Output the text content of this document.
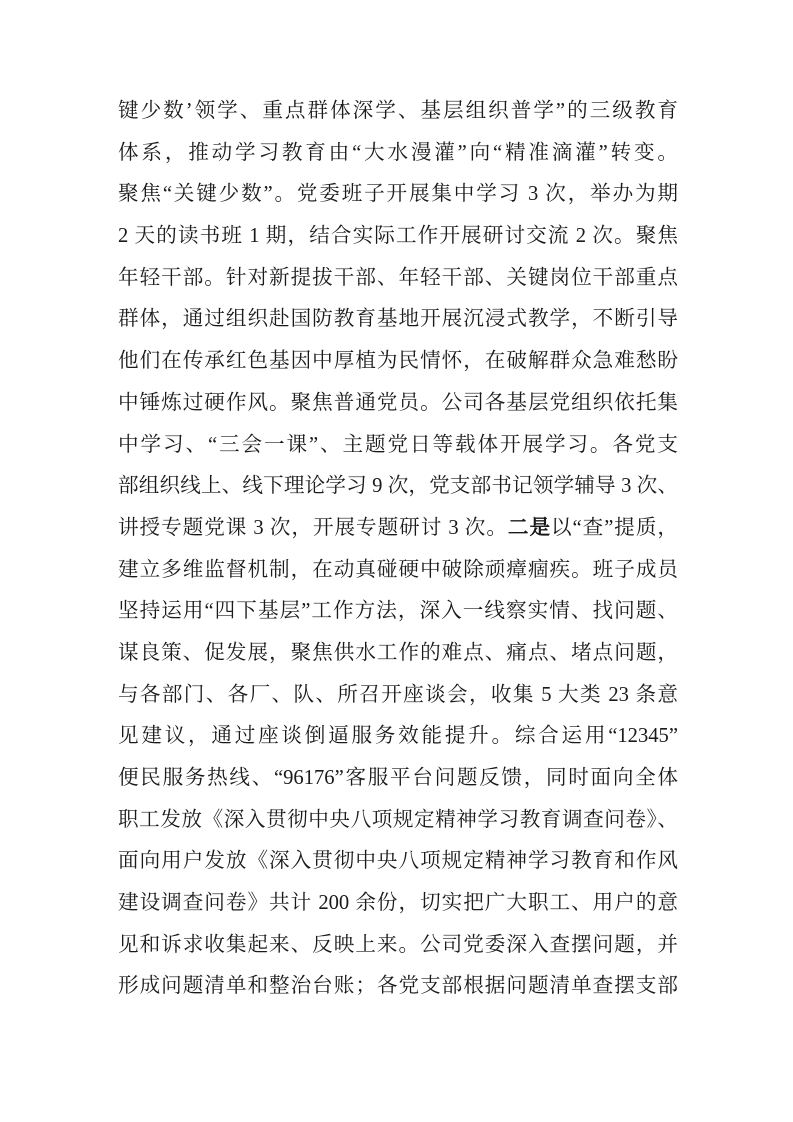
键少数’领学、重点群体深学、基层组织普学”的三级教育
体系，推动学习教育由“大水漫灌”向“精准滴灌”转变。
聚焦“关键少数”。党委班子开展集中学习 3 次，举办为期
2 天的读书班 1 期，结合实际工作开展研讨交流 2 次。聚焦
年轻干部。针对新提拔干部、年轻干部、关键岗位干部重点
群体，通过组织赴国防教育基地开展沉浸式教学，不断引导
他们在传承红色基因中厚植为民情怀，在破解群众急难愁盼
中锤炼过硬作风。聚焦普通党员。公司各基层党组织依托集
中学习、“三会一课”、主题党日等载体开展学习。各党支
部组织线上、线下理论学习 9 次，党支部书记领学辅导 3 次、
讲授专题党课 3 次，开展专题研讨 3 次。二是以“查”提质，
建立多维监督机制，在动真碰硬中破除顽瘴痼疾。班子成员
坚持运用“四下基层”工作方法，深入一线察实情、找问题、
谋良策、促发展，聚焦供水工作的难点、痛点、堵点问题，
与各部门、各厂、队、所召开座谈会，收集 5 大类 23 条意
见建议，通过座谈倒逼服务效能提升。综合运用“12345”
便民服务热线、“96176”客服平台问题反馈，同时面向全体
职工发放《深入贯彻中央八项规定精神学习教育调查问卷》、
面向用户发放《深入贯彻中央八项规定精神学习教育和作风
建设调查问卷》共计 200 余份，切实把广大职工、用户的意
见和诉求收集起来、反映上来。公司党委深入查摆问题，并
形成问题清单和整治台账；各党支部根据问题清单查摆支部
